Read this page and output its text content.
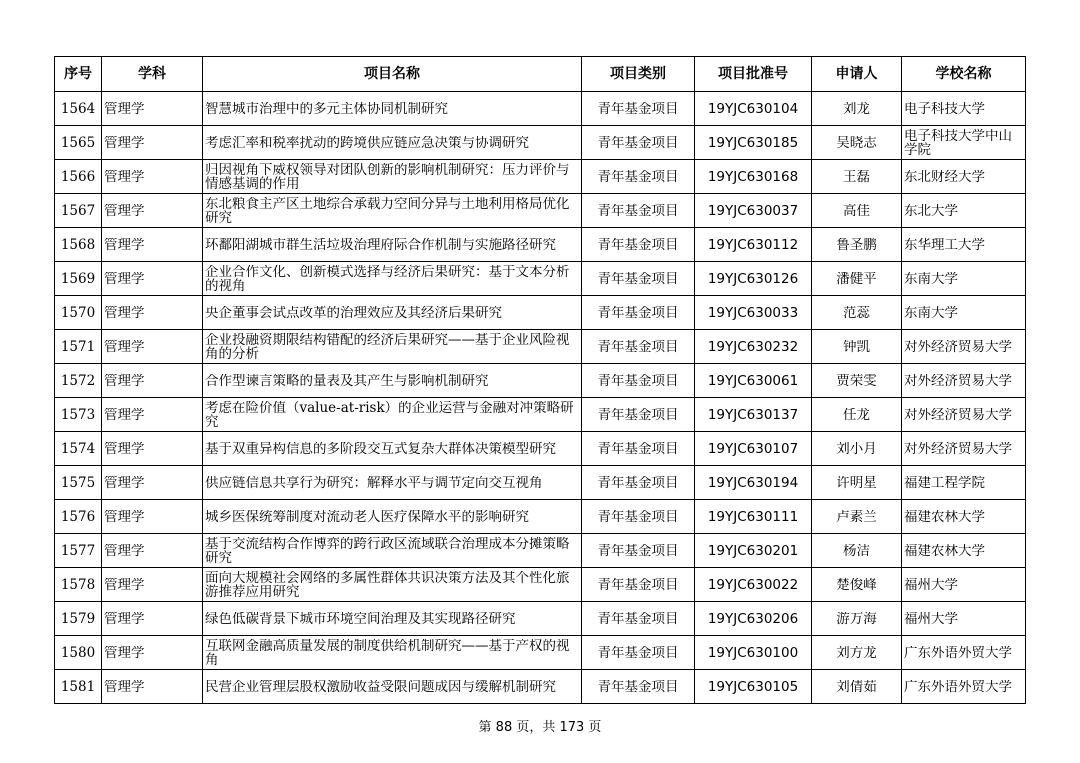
序号	学科	项目名称	项目类别	项目批准号	申请人	学校名称

1564	管理学	智慧城市治理中的多元主体协同机制研究	青年基金项目	19YJC630104	刘龙	电子科技大学

1565	管理学	考虑汇率和税率扰动的跨境供应链应急决策与协调研究	青年基金项目	19YJC630185	吴晓志	电子科技大学中山学院

1566	管理学	归因视角下威权领导对团队创新的影响机制研究：压力评价与情感基调的作用	青年基金项目	19YJC630168	王磊	东北财经大学

1567	管理学	东北粮食主产区土地综合承载力空间分异与土地利用格局优化研究	青年基金项目	19YJC630037	高佳	东北大学

1568	管理学	环鄱阳湖城市群生活垃圾治理府际合作机制与实施路径研究	青年基金项目	19YJC630112	鲁圣鹏	东华理工大学

1569	管理学	企业合作文化、创新模式选择与经济后果研究：基于文本分析的视角	青年基金项目	19YJC630126	潘健平	东南大学

1570	管理学	央企董事会试点改革的治理效应及其经济后果研究	青年基金项目	19YJC630033	范蕊	东南大学

1571	管理学	企业投融资期限结构错配的经济后果研究——基于企业风险视角的分析	青年基金项目	19YJC630232	钟凯	对外经济贸易大学

1572	管理学	合作型谏言策略的量表及其产生与影响机制研究	青年基金项目	19YJC630061	贾荣雯	对外经济贸易大学

1573	管理学	考虑在险价值（value-at-risk）的企业运营与金融对冲策略研究	青年基金项目	19YJC630137	任龙	对外经济贸易大学

1574	管理学	基于双重异构信息的多阶段交互式复杂大群体决策模型研究	青年基金项目	19YJC630107	刘小月	对外经济贸易大学

1575	管理学	供应链信息共享行为研究：解释水平与调节定向交互视角	青年基金项目	19YJC630194	许明星	福建工程学院

1576	管理学	城乡医保统筹制度对流动老人医疗保障水平的影响研究	青年基金项目	19YJC630111	卢素兰	福建农林大学

1577	管理学	基于交流结构合作博弈的跨行政区流域联合治理成本分摊策略研究	青年基金项目	19YJC630201	杨洁	福建农林大学

1578	管理学	面向大规模社会网络的多属性群体共识决策方法及其个性化旅游推荐应用研究	青年基金项目	19YJC630022	楚俊峰	福州大学

1579	管理学	绿色低碳背景下城市环境空间治理及其实现路径研究	青年基金项目	19YJC630206	游万海	福州大学

1580	管理学	互联网金融高质量发展的制度供给机制研究——基于产权的视角	青年基金项目	19YJC630100	刘方龙	广东外语外贸大学

1581	管理学	民营企业管理层股权激励收益受限问题成因与缓解机制研究	青年基金项目	19YJC630105	刘倩茹	广东外语外贸大学
第 88 页，共 173 页
